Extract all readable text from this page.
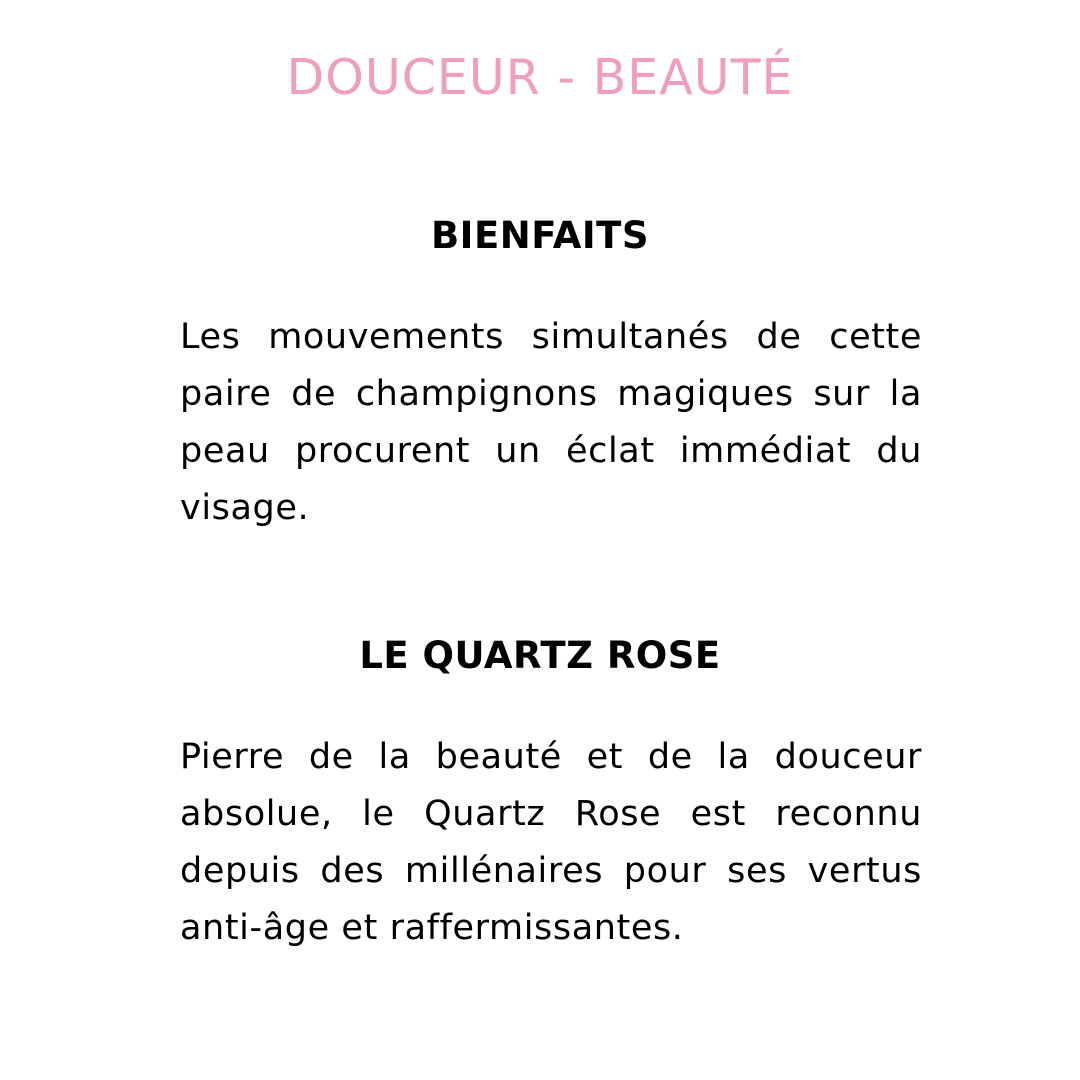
DOUCEUR - BEAUTÉ
BIENFAITS

Les mouvements simultanés de cette paire de champignons magiques sur la peau procurent un éclat immédiat du visage.

LE QUARTZ ROSE

Pierre de la beauté et de la douceur absolue, le Quartz Rose est reconnu depuis des millénaires pour ses vertus anti-âge et raffermissantes.
